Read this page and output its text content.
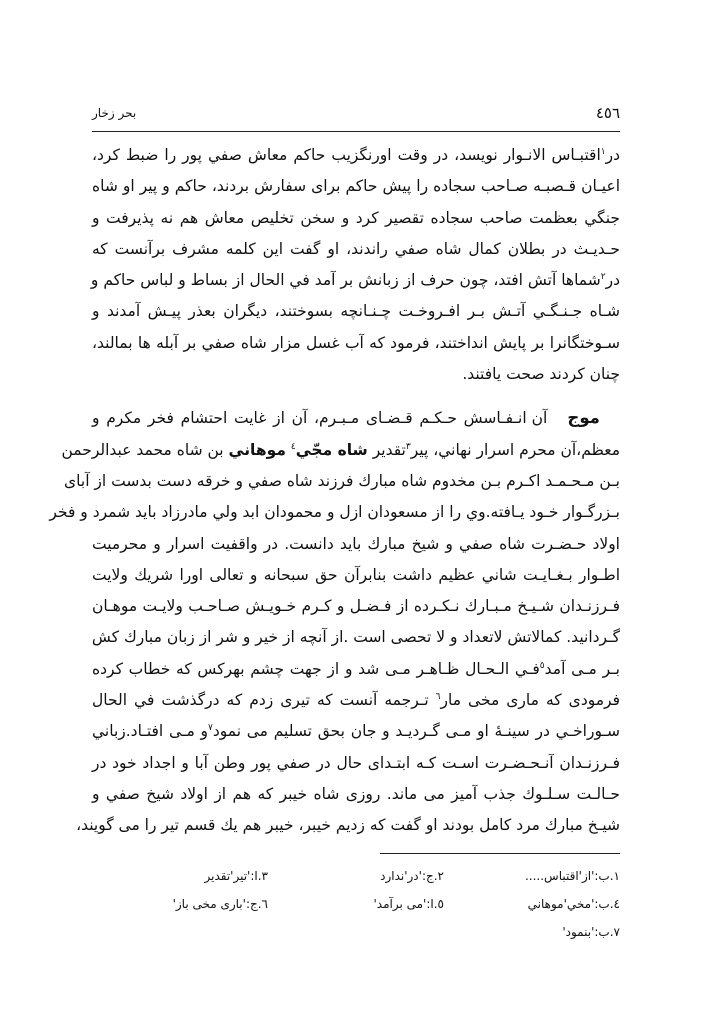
٤٥٦
بحر زخار
در$^١$اقتبـاس الانـوار نويسد، در وقت اورنگزيب حاكم معاش صفي پور را ضبط كرد،
اعيـان قـصبـه صـاحب سجاده را پيش حاكم براى سفارش بردند، حاكم و پير او شاه
جنگي بعظمت صاحب سجاده تقصير كرد و سخن تخليص معاش هم نه پذيرفت و
حـديـث در بطلان كمال شاه صفي راندند، او گفت اين كلمه مشرف برآنست كه
در$^٢$شماها آتش افتد، چون حرف از زبانش بر آمد في الحال از بساط و لباس حاكم و
شـاه جـنـگـي آتـش بـر افـروخـت چـنـانچه بسوختند، ديگران بعذر پيـش آمدند و
سـوختگانرا بر پايش انداختند، فرمود كه آب غسل مزار شاه صفي بر آبله ها بمالند،
چنان كردند صحت يافتند.
موج   آن انـفـاسش حـكـم قـضـاى مـبـرم، آن از غايت احتشام فخر مكرم و
معظم،آن محرم اسرار نهاني، پير$^٣$تقدير شاه مجّي$^٤$ موهاني بن شاه محمد عبدالرحمن
بـن مـحـمـد اكـرم بـن مخدوم شاه مبارك فرزند شاه صفي و خرقه دست بدست از آباى
بـزرگـوار خـود يـافته.وي را از مسعودان ازل و محمودان ابد ولي مادرزاد بايد شمرد و فخر
اولاد حـضـرت شاه صفي و شيخ مبارك بايد دانست. در واقفيت اسرار و محرميت
اطـوار بـغـايـت شاني عظيم داشت بنابرآن حق سبحانه و تعالى اورا شريك ولايت
فـرزنـدان شـيـخ مـبـارك نـكـرده از فـضـل و كـرم خـويـش صـاحـب ولايـت موهـان
گـردانيد. كمالاتش لاتعداد و لا تحصى است .از آنچه از خير و شر از زبان مبارك كش
بـر مـى آمد$^٥$فـي الـحـال ظـاهـر مـى شد و از جهت چشم بهركس كه خطاب كرده
فرمودى كه مارى مخى مار$^٦$ تـرجمه آنست كه تيرى زدم كه درگذشت في الحال
سـوراخـي در سينـۀ او مـى گـرديـد و جان بحق تسليم مى نمود$^٧$و مـى افتـاد.زباني
فـرزنـدان آنـحـضـرت اسـت كـه ابتـداى حال در صفي پور وطن آبا و اجداد خود در
حـالـت سـلـوك جذب آميز مى ماند. روزى شاه خيبر كه هم از اولاد شيخ صفي و
شيـخ مبارك مرد كامل بودند او گفت كه زديم خيبر، خيبر هم يك قسم تير را مى گويند،
١.ب:'از'اقتباس.....
٢.ج:'در'ندارد
٣.ا:'تير'تقدير
٤.ب:'مخي'موهاني
٥.ا:'مى برآمد'
٦.ج:'بارى مخى باز'
٧.ب:'بنمود'
